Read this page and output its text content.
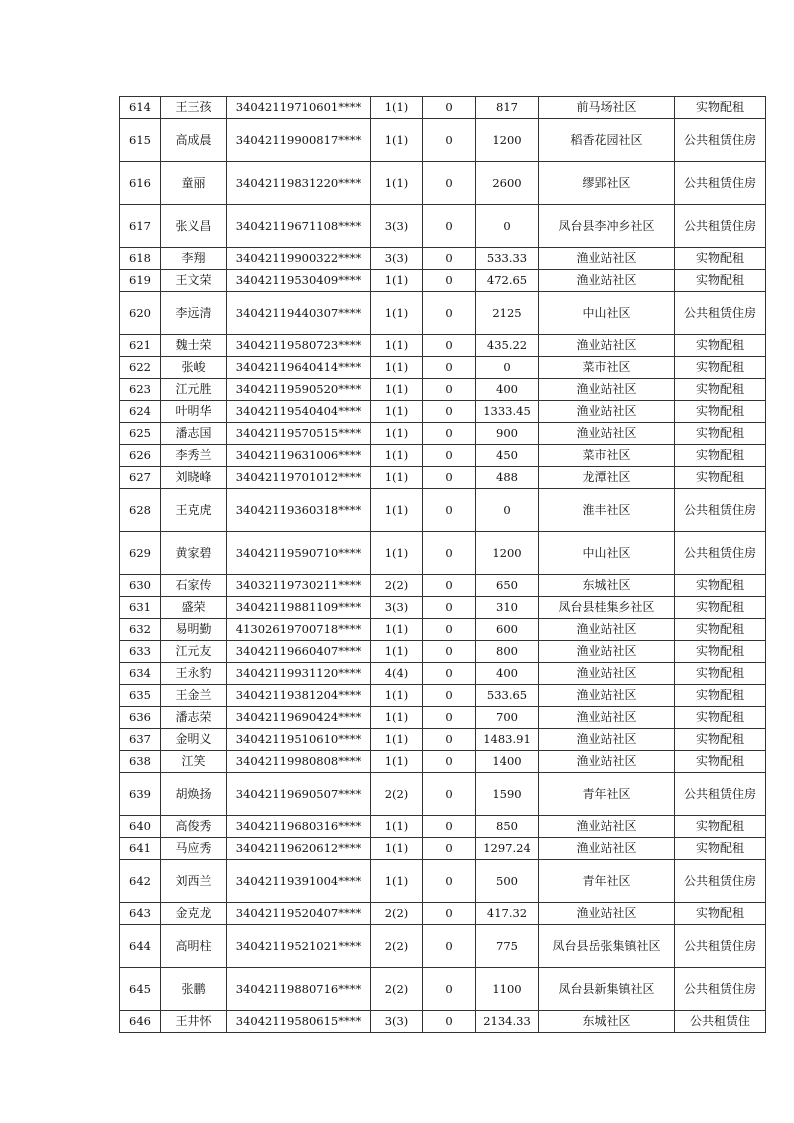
614	王三孩	34042119710601****	1(1)	0	817	前马场社区	实物配租
615	高成晨	34042119900817****	1(1)	0	1200	稻香花园社区	公共租赁住房
616	童丽	34042119831220****	1(1)	0	2600	缪郢社区	公共租赁住房
617	张义昌	34042119671108****	3(3)	0	0	凤台县李冲乡社区	公共租赁住房
618	李翔	34042119900322****	3(3)	0	533.33	渔业站社区	实物配租
619	王文荣	34042119530409****	1(1)	0	472.65	渔业站社区	实物配租
620	李远清	34042119440307****	1(1)	0	2125	中山社区	公共租赁住房
621	魏士荣	34042119580723****	1(1)	0	435.22	渔业站社区	实物配租
622	张峻	34042119640414****	1(1)	0	0	菜市社区	实物配租
623	江元胜	34042119590520****	1(1)	0	400	渔业站社区	实物配租
624	叶明华	34042119540404****	1(1)	0	1333.45	渔业站社区	实物配租
625	潘志国	34042119570515****	1(1)	0	900	渔业站社区	实物配租
626	李秀兰	34042119631006****	1(1)	0	450	菜市社区	实物配租
627	刘晓峰	34042119701012****	1(1)	0	488	龙潭社区	实物配租
628	王克虎	34042119360318****	1(1)	0	0	淮丰社区	公共租赁住房
629	黄家碧	34042119590710****	1(1)	0	1200	中山社区	公共租赁住房
630	石家传	34032119730211****	2(2)	0	650	东城社区	实物配租
631	盛荣	34042119881109****	3(3)	0	310	凤台县桂集乡社区	实物配租
632	易明勤	41302619700718****	1(1)	0	600	渔业站社区	实物配租
633	江元友	34042119660407****	1(1)	0	800	渔业站社区	实物配租
634	王永豹	34042119931120****	4(4)	0	400	渔业站社区	实物配租
635	王金兰	34042119381204****	1(1)	0	533.65	渔业站社区	实物配租
636	潘志荣	34042119690424****	1(1)	0	700	渔业站社区	实物配租
637	金明义	34042119510610****	1(1)	0	1483.91	渔业站社区	实物配租
638	江笑	34042119980808****	1(1)	0	1400	渔业站社区	实物配租
639	胡焕扬	34042119690507****	2(2)	0	1590	青年社区	公共租赁住房
640	高俊秀	34042119680316****	1(1)	0	850	渔业站社区	实物配租
641	马应秀	34042119620612****	1(1)	0	1297.24	渔业站社区	实物配租
642	刘西兰	34042119391004****	1(1)	0	500	青年社区	公共租赁住房
643	金克龙	34042119520407****	2(2)	0	417.32	渔业站社区	实物配租
644	高明柱	34042119521021****	2(2)	0	775	凤台县岳张集镇社区	公共租赁住房
645	张鹏	34042119880716****	2(2)	0	1100	凤台县新集镇社区	公共租赁住房
646	王井怀	34042119580615****	3(3)	0	2134.33	东城社区	公共租赁住
